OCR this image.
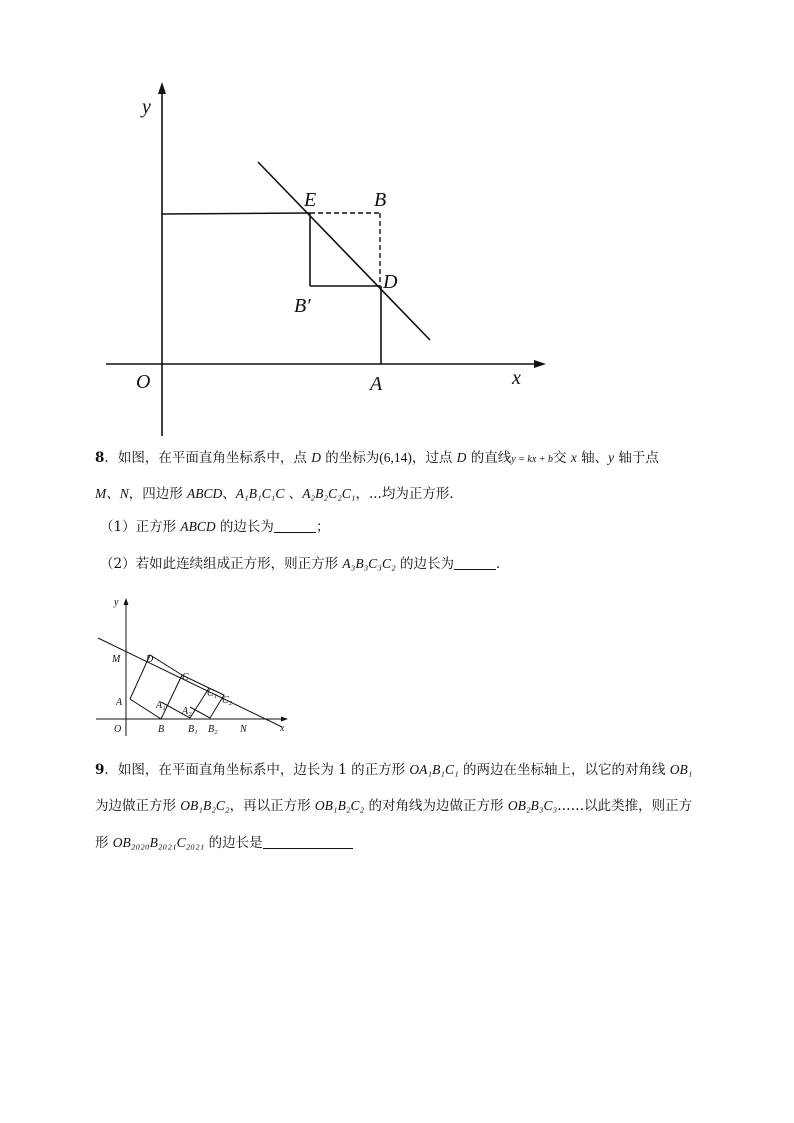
y
x
O
E	B
D
B′
A
8．如图，在平面直角坐标系中，点 D 的坐标为(6,14)，过点 D 的直线y = kx + b交 x 轴、y 轴于点
M、N，四边形 ABCD、A₁B₁C₁C 、A₂B₂C₂C₁，...均为正方形．
（1）正方形 ABCD 的边长为	；
（2）若如此连续组成正方形，则正方形 A₃B₃C₃C₂ 的边长为	．
y
x
O
M	D
C
C₁
C₂
A	A₁
A₂
B B₁ B₂ N
9．如图，在平面直角坐标系中，边长为 1 的正方形 OA₁B₁C₁ 的两边在坐标轴上，以它的对角线 OB₁
为边做正方形 OB₁B₂C₂，再以正方形 OB₁B₂C₂ 的对角线为边做正方形 OB₂B₃C₃……以此类推，则正方
形 OB₂₀₂₀B₂₀₂₁C₂₀₂₁ 的边长是
